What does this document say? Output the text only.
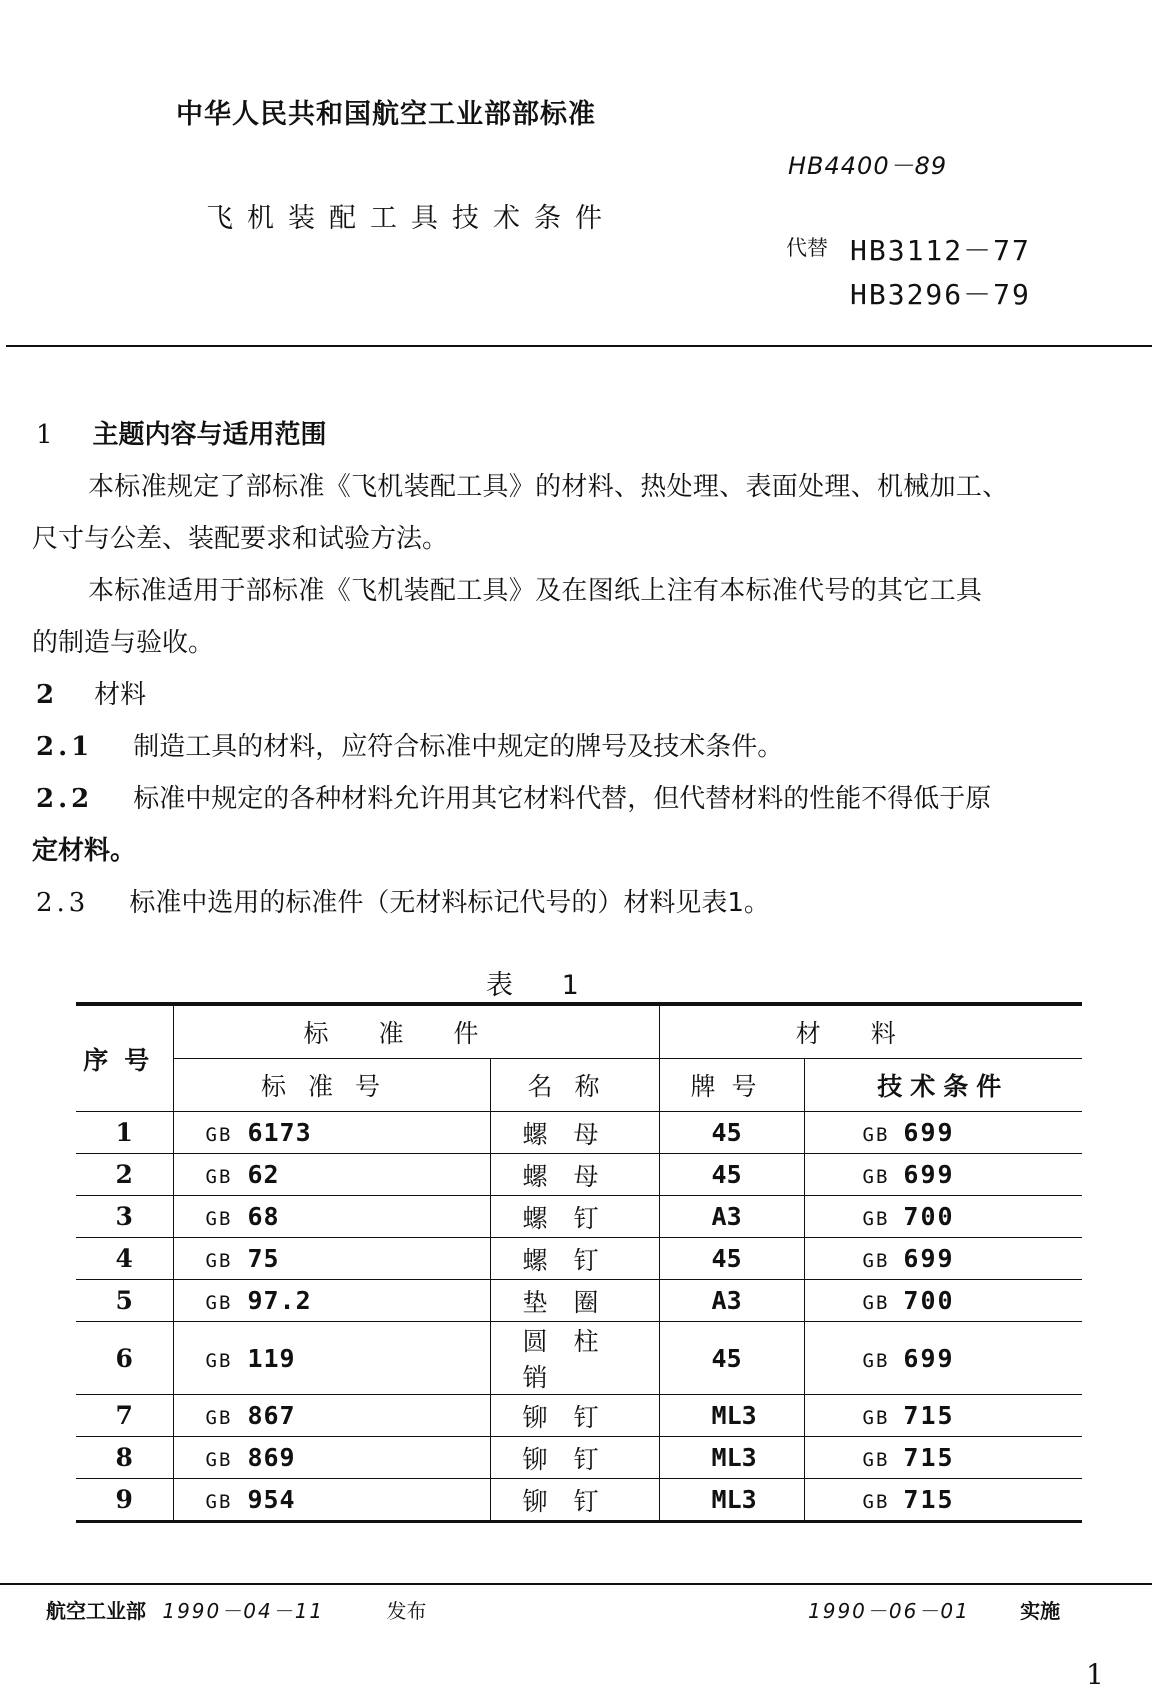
中华人民共和国航空工业部部标准
HB4400－89
飞机装配工具技术条件
代替 HB3112－77
HB3296－79
1 主题内容与适用范围
本标准规定了部标准《飞机装配工具》的材料、热处理、表面处理、机械加工、
尺寸与公差、装配要求和试验方法。
本标准适用于部标准《飞机装配工具》及在图纸上注有本标准代号的其它工具
的制造与验收。
2 材料
2.1 制造工具的材料，应符合标准中规定的牌号及技术条件。
2.2 标准中规定的各种材料允许用其它材料代替，但代替材料的性能不得低于原
定材料。
2.3 标准中选用的标准件（无材料标记代号的）材料见表1。
表 1
序号	标准件		材料	
	标准号	名称	牌号	技术条件
1	GB 6173	螺母	45	GB 699
2	GB 62	螺母	45	GB 699
3	GB 68	螺钉	A3	GB 700
4	GB 75	螺钉	45	GB 699
5	GB 97.2	垫圈	A3	GB 700
6	GB 119	圆柱销	45	GB 699
7	GB 867	铆钉	ML3	GB 715
8	GB 869	铆钉	ML3	GB 715
9	GB 954	铆钉	ML3	GB 715
航空工业部 1990－04－11	发布	1990－06－01	实施
1
